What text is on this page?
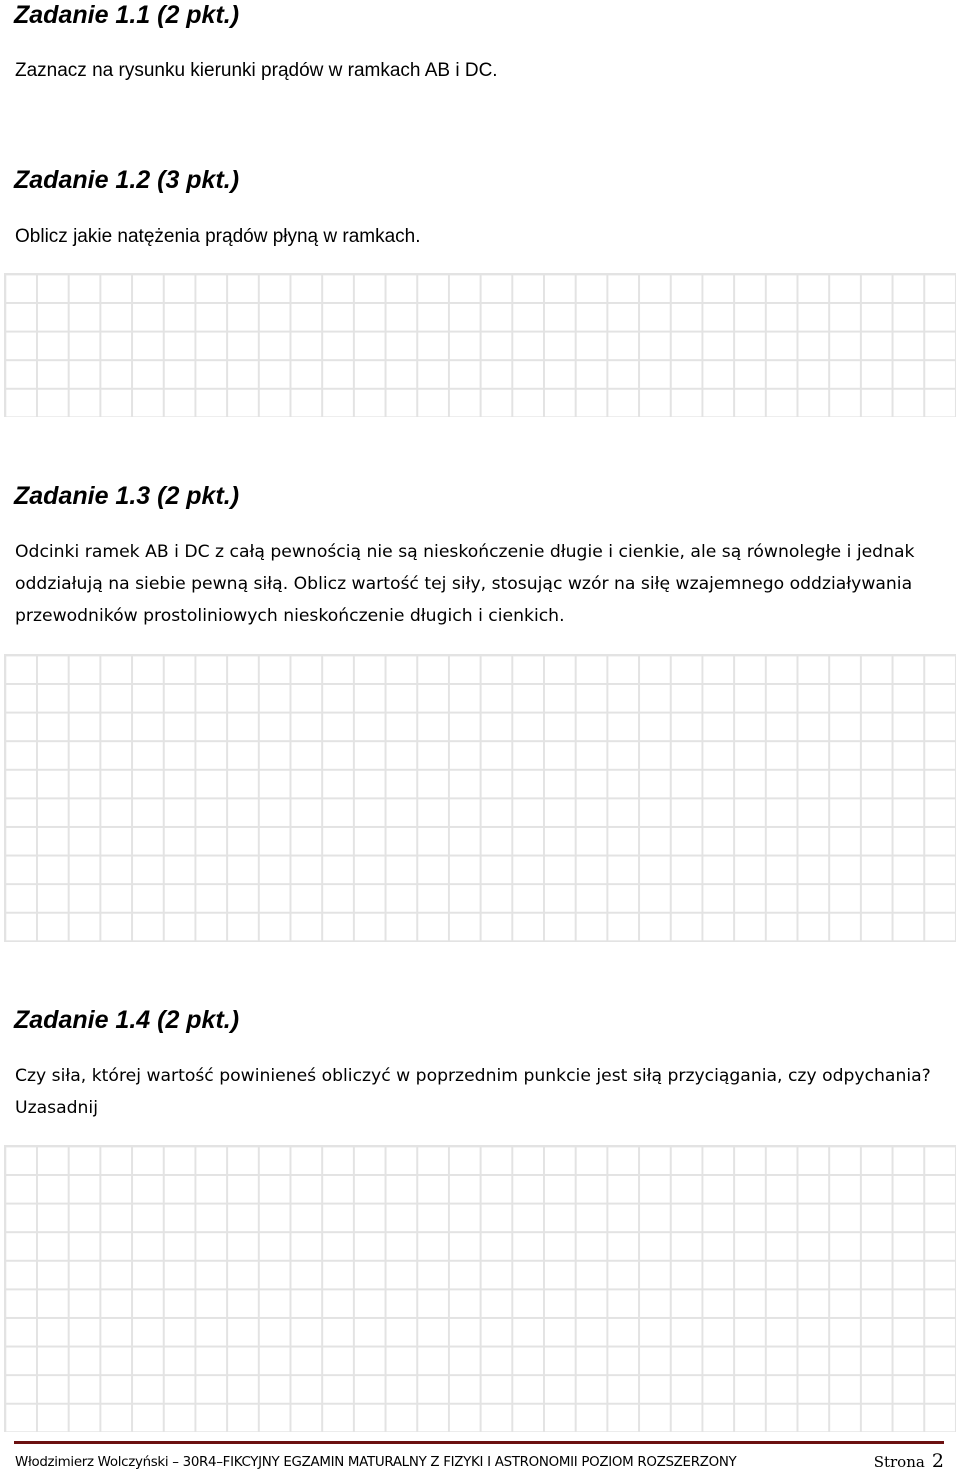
Zadanie 1.1 (2 pkt.)

Zaznacz na rysunku kierunki prądów w ramkach AB i DC.

Zadanie 1.2 (3 pkt.)

Oblicz jakie natężenia prądów płyną w ramkach.

Zadanie 1.3 (2 pkt.)

Odcinki ramek AB i DC z całą pewnością nie są nieskończenie długie i cienkie, ale są równoległe i jednak oddziałują na siebie pewną siłą. Oblicz wartość tej siły, stosując wzór na siłę wzajemnego oddziaływania przewodników prostoliniowych nieskończenie długich i cienkich.

Zadanie 1.4 (2 pkt.)

Czy siła, której wartość powinieneś obliczyć w poprzednim punkcie jest siłą przyciągania, czy odpychania? Uzasadnij

Włodzimierz Wolczyński – 30R4–FIKCYJNY EGZAMIN MATURALNY Z FIZYKI I ASTRONOMII POZIOM ROZSZERZONY	Strona 2
